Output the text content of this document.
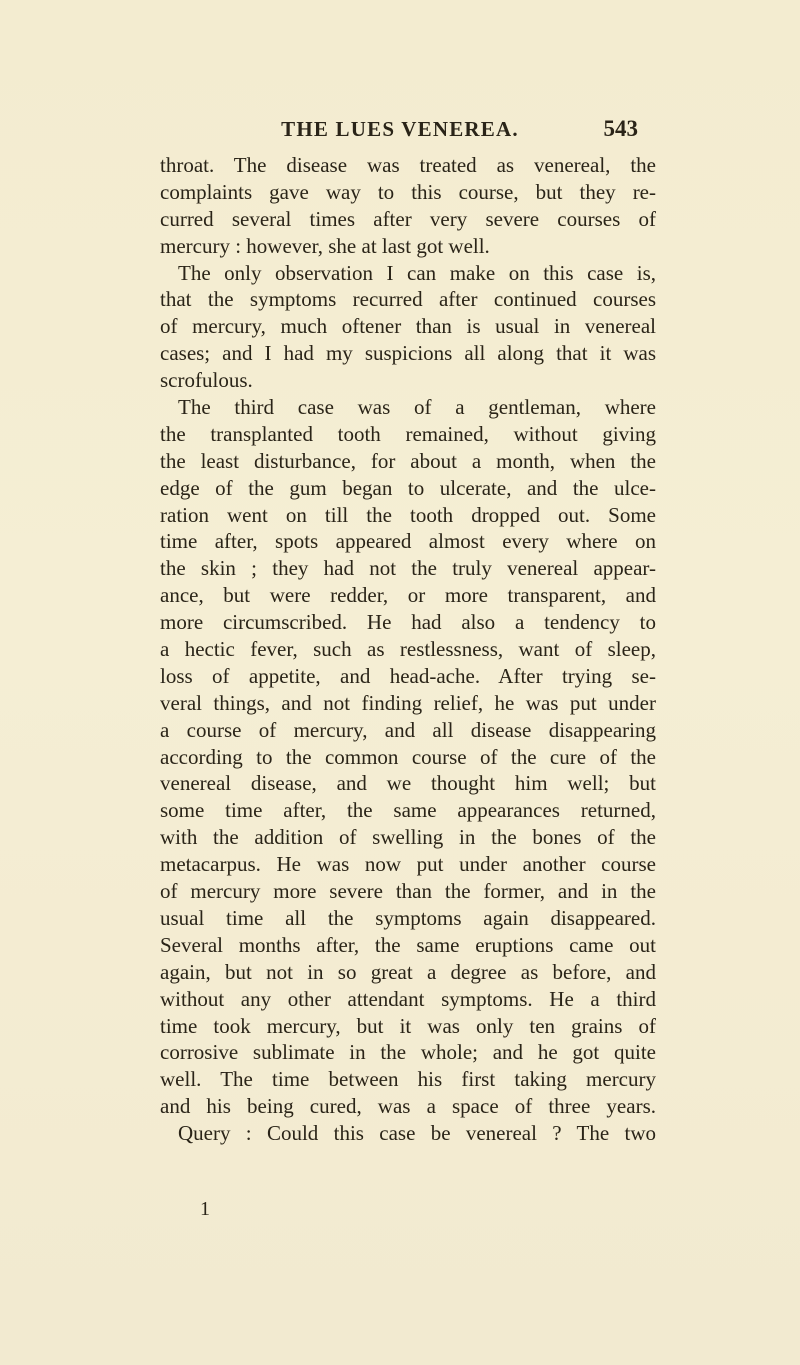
THE LUES VENEREA.	543
throat. The disease was treated as venereal, the
complaints gave way to this course, but they re-
curred several times after very severe courses of
mercury : however, she at last got well.
The only observation I can make on this case is,
that the symptoms recurred after continued courses
of mercury, much oftener than is usual in venereal
cases; and I had my suspicions all along that it was
scrofulous.
The third case was of a gentleman, where
the transplanted tooth remained, without giving
the least disturbance, for about a month, when the
edge of the gum began to ulcerate, and the ulce-
ration went on till the tooth dropped out. Some
time after, spots appeared almost every where on
the skin ; they had not the truly venereal appear-
ance, but were redder, or more transparent, and
more circumscribed. He had also a tendency to
a hectic fever, such as restlessness, want of sleep,
loss of appetite, and head-ache. After trying se-
veral things, and not finding relief, he was put under
a course of mercury, and all disease disappearing
according to the common course of the cure of the
venereal disease, and we thought him well; but
some time after, the same appearances returned,
with the addition of swelling in the bones of the
metacarpus. He was now put under another course
of mercury more severe than the former, and in the
usual time all the symptoms again disappeared.
Several months after, the same eruptions came out
again, but not in so great a degree as before, and
without any other attendant symptoms. He a third
time took mercury, but it was only ten grains of
corrosive sublimate in the whole; and he got quite
well. The time between his first taking mercury
and his being cured, was a space of three years.
Query : Could this case be venereal ? The two
1
